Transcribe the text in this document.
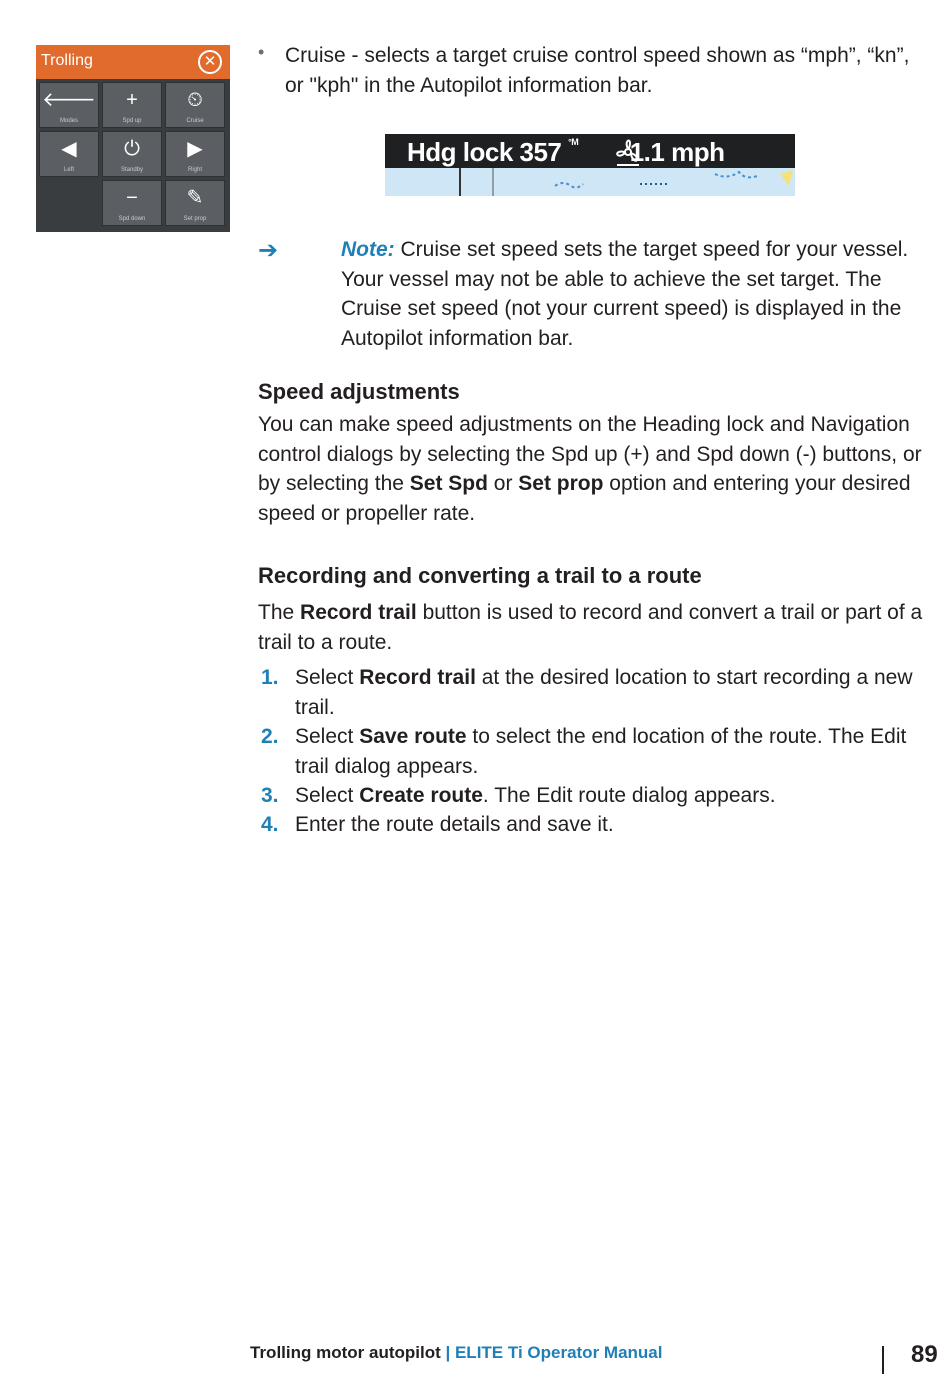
Trolling	✕
🡐
Modes
+
Spd up
⏲
Cruise
◀
Left
⏻
Standby
▶
Right
−
Spd down
✎
Set prop
• Cruise - selects a target cruise control speed shown as “mph”, “kn”, or "kph" in the Autopilot information bar.
Hdg lock 357 $^{^\circ M}$ 1.1 mph
➔	Note: Cruise set speed sets the target speed for your vessel. Your vessel may not be able to achieve the set target. The Cruise set speed (not your current speed) is displayed in the Autopilot information bar.
Speed adjustments
You can make speed adjustments on the Heading lock and Navigation control dialogs by selecting the Spd up (+) and Spd down (-) buttons, or by selecting the Set Spd or Set prop option and entering your desired speed or propeller rate.
Recording and converting a trail to a route
The Record trail button is used to record and convert a trail or part of a trail to a route.
1. Select Record trail at the desired location to start recording a new trail.
2. Select Save route to select the end location of the route. The Edit trail dialog appears.
3. Select Create route. The Edit route dialog appears.
4. Enter the route details and save it.
Trolling motor autopilot | ELITE Ti Operator Manual	89
